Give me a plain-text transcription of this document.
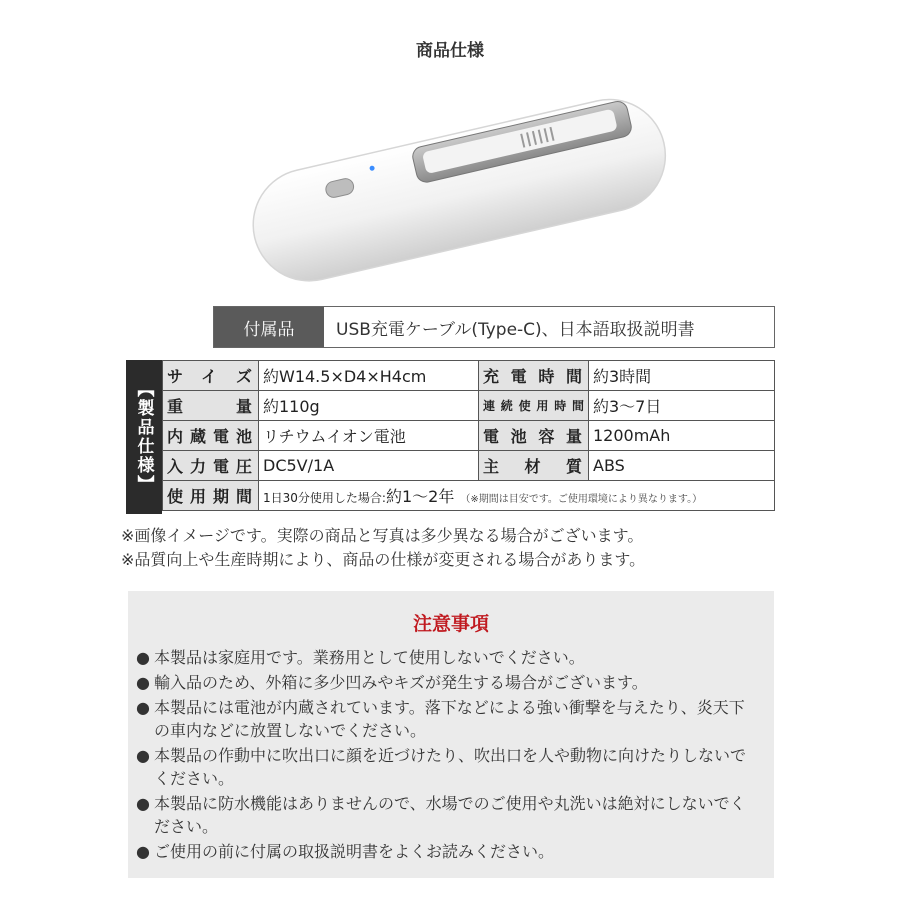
商品仕様
付属品	USB充電ケーブル(Type-C)、日本語取扱説明書
【製品仕様】
サイズ	約W14.5×D4×H4cm	充電時間	約3時間
重量	約110g	連続使用時間	約3〜7日
内蔵電池	リチウムイオン電池	電池容量	1200mAh
入力電圧	DC5V/1A	主材質	ABS
使用期間	1日30分使用した場合:約1〜2年 （※期間は目安です。ご使用環境により異なります。）		
※画像イメージです。実際の商品と写真は多少異なる場合がございます。
※品質向上や生産時期により、商品の仕様が変更される場合があります。
注意事項
● 本製品は家庭用です。業務用として使用しないでください。
● 輸入品のため、外箱に多少凹みやキズが発生する場合がございます。
● 本製品には電池が内蔵されています。落下などによる強い衝撃を与えたり、炎天下の車内などに放置しないでください。
● 本製品の作動中に吹出口に顔を近づけたり、吹出口を人や動物に向けたりしないでください。
● 本製品に防水機能はありませんので、水場でのご使用や丸洗いは絶対にしないでください。
● ご使用の前に付属の取扱説明書をよくお読みください。
